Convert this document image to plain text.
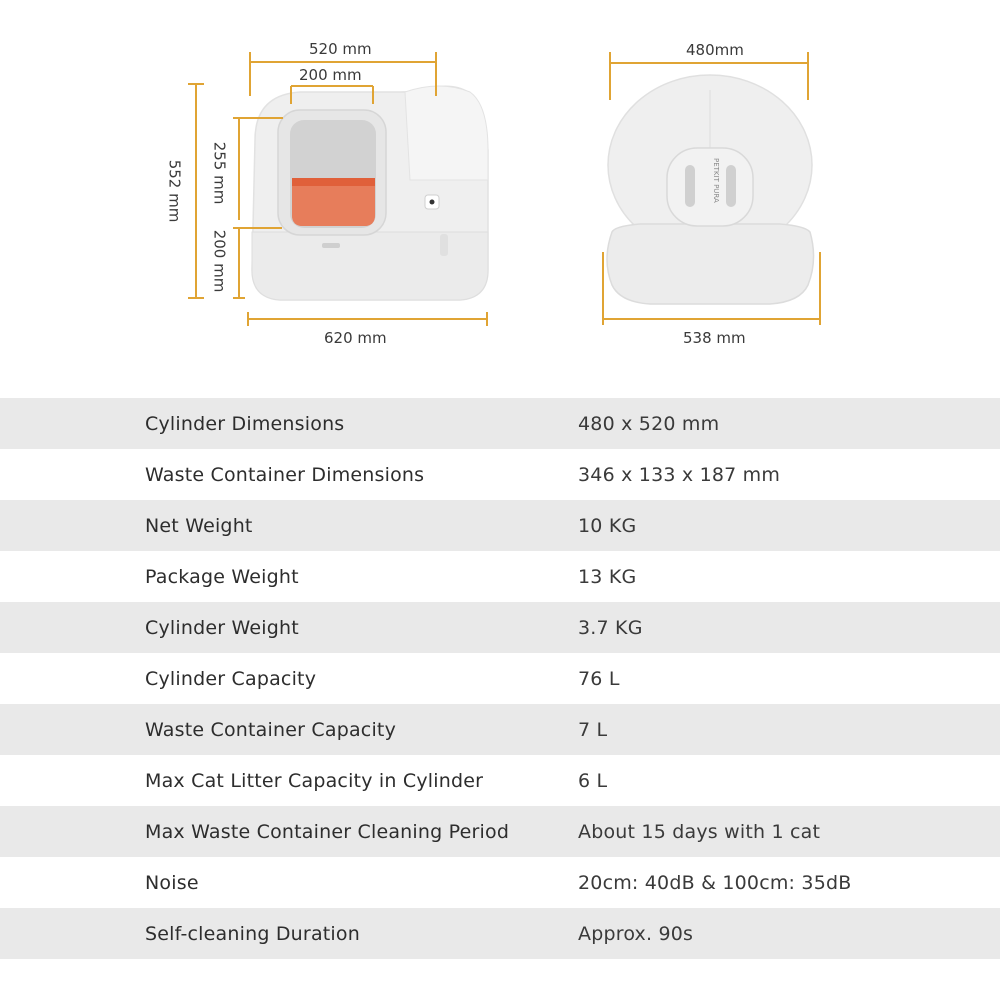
PETKIT PURA
520 mm
200 mm
552 mm 255 mm
200 mm
620 mm
480mm
538 mm
Cylinder Dimensions	480 x 520 mm
Waste Container Dimensions	346 x 133 x 187 mm
Net Weight	10 KG
Package Weight	13 KG
Cylinder Weight	3.7 KG
Cylinder Capacity	76 L
Waste Container Capacity	7 L
Max Cat Litter Capacity in Cylinder	6 L
Max Waste Container Cleaning Period	About 15 days with 1 cat
Noise	20cm: 40dB & 100cm: 35dB
Self-cleaning Duration	Approx. 90s
